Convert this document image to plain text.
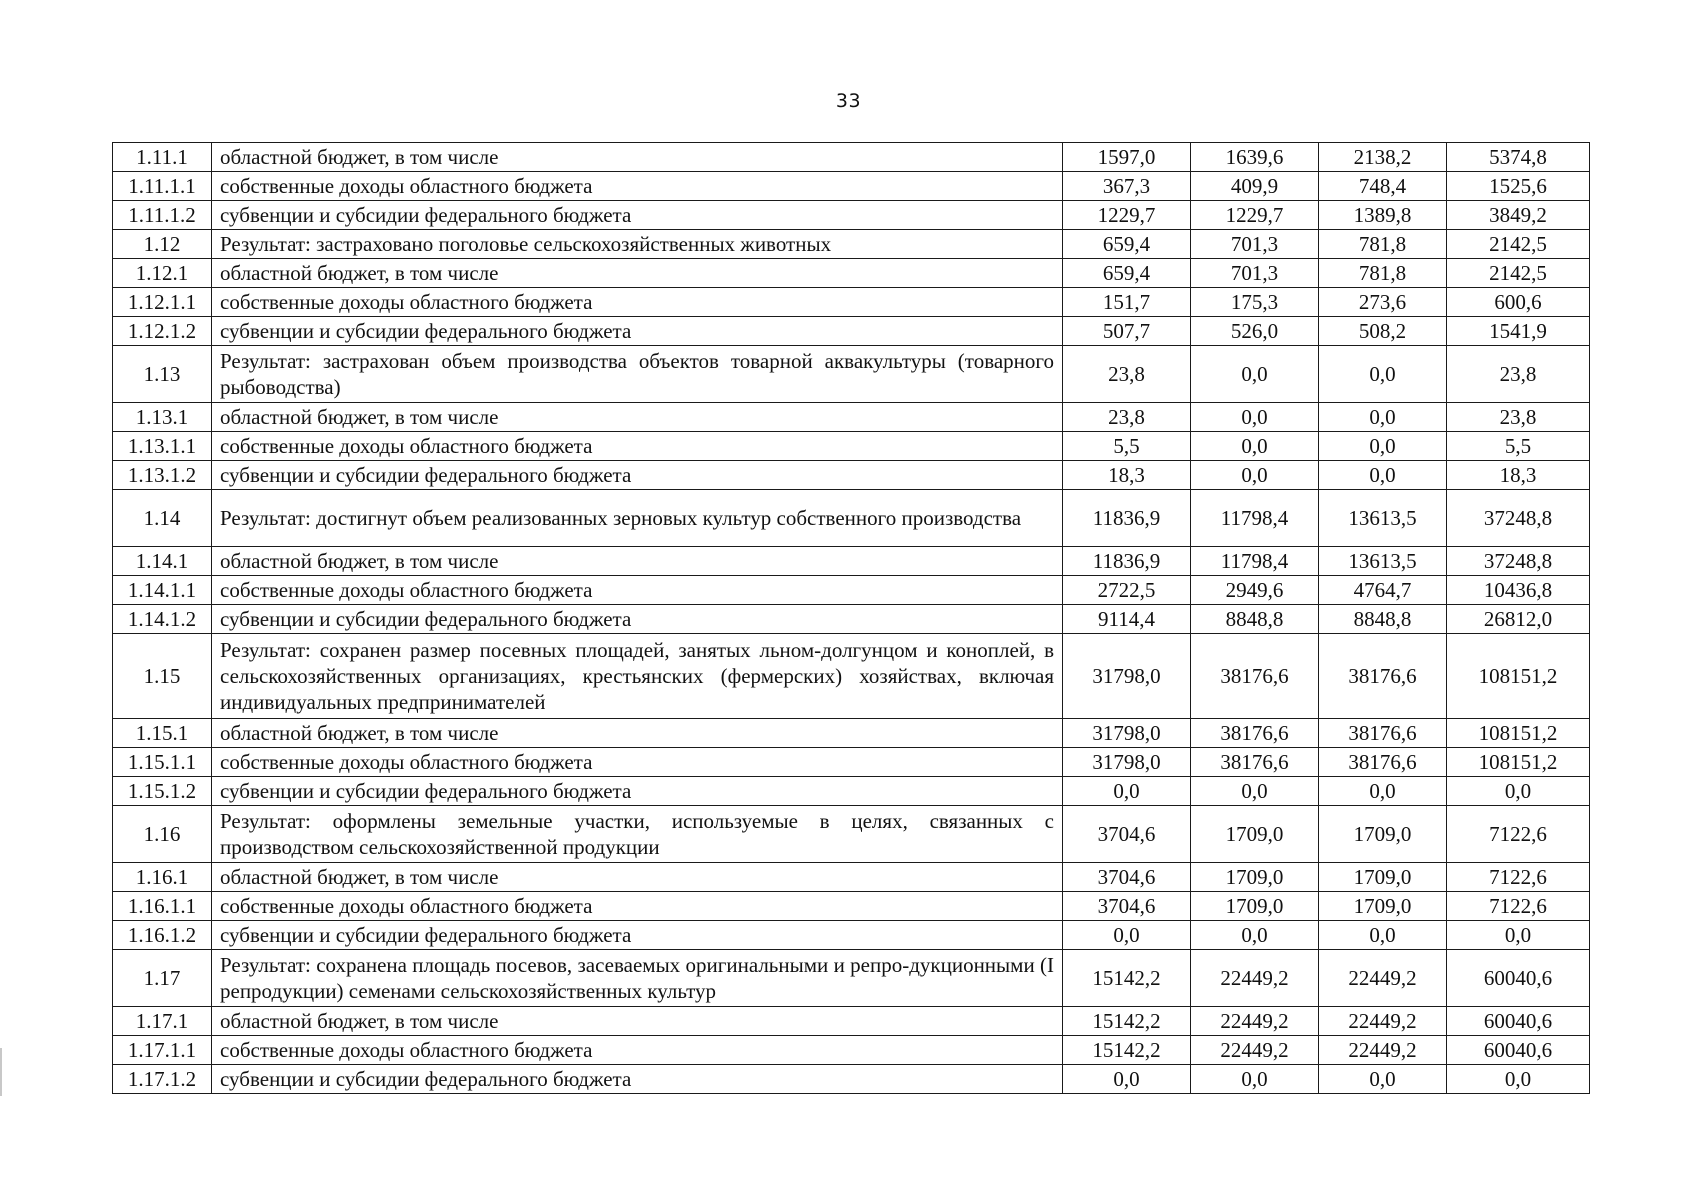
33
1.11.1	областной бюджет, в том числе	1597,0	1639,6	2138,2	5374,8
1.11.1.1	собственные доходы областного бюджета	367,3	409,9	748,4	1525,6
1.11.1.2	субвенции и субсидии федерального бюджета	1229,7	1229,7	1389,8	3849,2
1.12	Результат: застраховано поголовье сельскохозяйственных животных	659,4	701,3	781,8	2142,5
1.12.1	областной бюджет, в том числе	659,4	701,3	781,8	2142,5
1.12.1.1	собственные доходы областного бюджета	151,7	175,3	273,6	600,6
1.12.1.2	субвенции и субсидии федерального бюджета	507,7	526,0	508,2	1541,9
1.13	Результат: застрахован объем производства объектов товарной аквакультуры (товарного рыбоводства)	23,8	0,0	0,0	23,8
1.13.1	областной бюджет, в том числе	23,8	0,0	0,0	23,8
1.13.1.1	собственные доходы областного бюджета	5,5	0,0	0,0	5,5
1.13.1.2	субвенции и субсидии федерального бюджета	18,3	0,0	0,0	18,3
1.14	Результат: достигнут объем реализованных зерновых культур собственного производства	11836,9	11798,4	13613,5	37248,8
1.14.1	областной бюджет, в том числе	11836,9	11798,4	13613,5	37248,8
1.14.1.1	собственные доходы областного бюджета	2722,5	2949,6	4764,7	10436,8
1.14.1.2	субвенции и субсидии федерального бюджета	9114,4	8848,8	8848,8	26812,0
1.15	Результат: сохранен размер посевных площадей, занятых льном-долгунцом и коноплей, в сельскохозяйственных организациях, крестьянских (фермерских) хозяйствах, включая индивидуальных предпринимателей	31798,0	38176,6	38176,6	108151,2
1.15.1	областной бюджет, в том числе	31798,0	38176,6	38176,6	108151,2
1.15.1.1	собственные доходы областного бюджета	31798,0	38176,6	38176,6	108151,2
1.15.1.2	субвенции и субсидии федерального бюджета	0,0	0,0	0,0	0,0
1.16	Результат: оформлены земельные участки, используемые в целях, связанных с производством сельскохозяйственной продукции	3704,6	1709,0	1709,0	7122,6
1.16.1	областной бюджет, в том числе	3704,6	1709,0	1709,0	7122,6
1.16.1.1	собственные доходы областного бюджета	3704,6	1709,0	1709,0	7122,6
1.16.1.2	субвенции и субсидии федерального бюджета	0,0	0,0	0,0	0,0
1.17	Результат: сохранена площадь посевов, засеваемых оригинальными и репро-дукционными (I репродукции) семенами сельскохозяйственных культур	15142,2	22449,2	22449,2	60040,6
1.17.1	областной бюджет, в том числе	15142,2	22449,2	22449,2	60040,6
1.17.1.1	собственные доходы областного бюджета	15142,2	22449,2	22449,2	60040,6
1.17.1.2	субвенции и субсидии федерального бюджета	0,0	0,0	0,0	0,0
